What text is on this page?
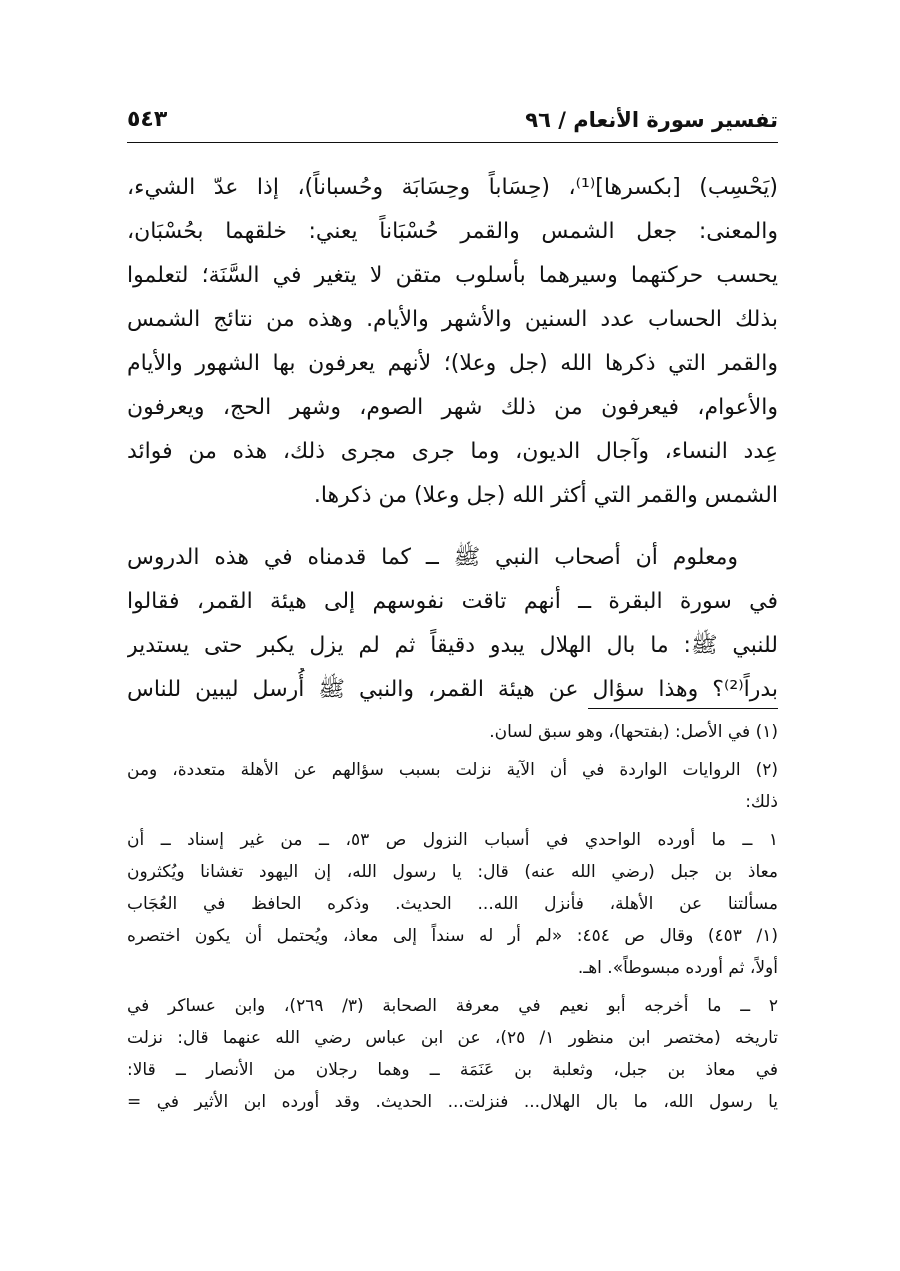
تفسير سورة الأنعام / ٩٦
٥٤٣
(يَحْسِب) [بكسرها]⁽¹⁾، (حِسَاباً وحِسَابَة وحُسباناً)، إذا عدّ الشيء،
والمعنى: جعل الشمس والقمر حُسْبَاناً يعني: خلقهما بحُسْبَان،
يحسب حركتهما وسيرهما بأسلوب متقن لا يتغير في السَّنَة؛ لتعلموا
بذلك الحساب عدد السنين والأشهر والأيام. وهذه من نتائج الشمس
والقمر التي ذكرها الله (جل وعلا)؛ لأنهم يعرفون بها الشهور والأيام
والأعوام، فيعرفون من ذلك شهر الصوم، وشهر الحج، ويعرفون
عِدد النساء، وآجال الديون، وما جرى مجرى ذلك، هذه من فوائد
الشمس والقمر التي أكثر الله (جل وعلا) من ذكرها.
ومعلوم أن أصحاب النبي ﷺ ــ كما قدمناه في هذه الدروس
في سورة البقرة ــ أنهم تاقت نفوسهم إلى هيئة القمر، فقالوا
للنبي ﷺ: ما بال الهلال يبدو دقيقاً ثم لم يزل يكبر حتى يستدير
بدراً⁽²⁾؟ وهذا سؤال عن هيئة القمر، والنبي ﷺ أُرسل ليبين للناس
(١) في الأصل: (بفتحها)، وهو سبق لسان.
(٢) الروايات الواردة في أن الآية نزلت بسبب سؤالهم عن الأهلة متعددة، ومن
ذلك:
١ ــ ما أورده الواحدي في أسباب النزول ص ٥٣، ــ من غير إسناد ــ أن
معاذ بن جبل (رضي الله عنه) قال: يا رسول الله، إن اليهود تغشانا ويُكثرون
مسألتنا عن الأهلة، فأنزل الله... الحديث. وذكره الحافظ في العُجَاب
(١/ ٤٥٣) وقال ص ٤٥٤: «لم أر له سنداً إلى معاذ، ويُحتمل أن يكون اختصره
أولاً، ثم أورده مبسوطاً». اهـ.
٢ ــ ما أخرجه أبو نعيم في معرفة الصحابة (٣/ ٢٦٩)، وابن عساكر في
تاريخه (مختصر ابن منظور ١/ ٢٥)، عن ابن عباس رضي الله عنهما قال: نزلت
في معاذ بن جبل، وثعلبة بن عَنَمَة ــ وهما رجلان من الأنصار ــ قالا:
يا رسول الله، ما بال الهلال... فنزلت... الحديث. وقد أورده ابن الأثير في =
